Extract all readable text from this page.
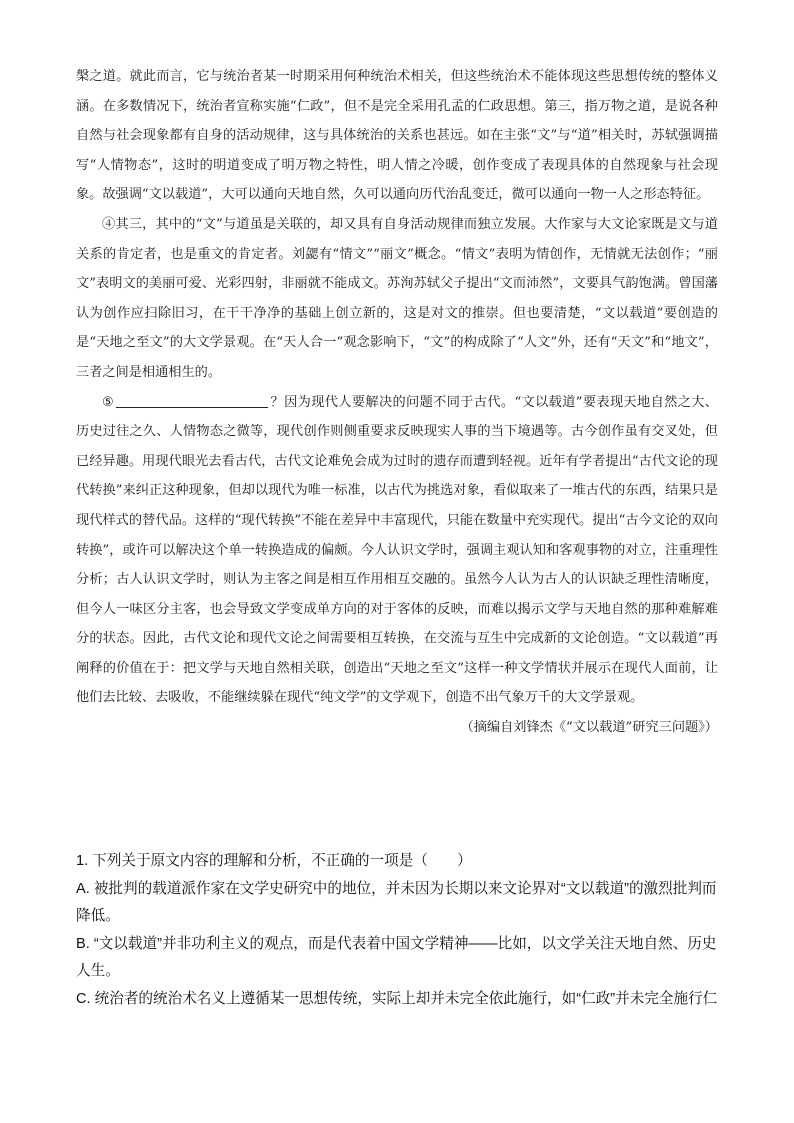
槃之道。就此而言，它与统治者某一时期采用何种统治术相关，但这些统治术不能体现这些思想传统的整体义涵。在多数情况下，统治者宣称实施“仁政”，但不是完全采用孔孟的仁政思想。第三，指万物之道，是说各种自然与社会现象都有自身的活动规律，这与具体统治的关系也甚远。如在主张“文”与“道”相关时，苏轼强调描写“人情物态”，这时的明道变成了明万物之特性，明人情之冷暖，创作变成了表现具体的自然现象与社会现象。故强调“文以载道”，大可以通向天地自然，久可以通向历代治乱变迁，微可以通向一物一人之形态特征。

④其三，其中的“文”与道虽是关联的，却又具有自身活动规律而独立发展。大作家与大文论家既是文与道关系的肯定者，也是重文的肯定者。刘勰有“情文”“丽文”概念。“情文”表明为情创作，无情就无法创作；“丽文”表明文的美丽可爱、光彩四射，非丽就不能成文。苏洵苏轼父子提出“文而沛然”，文要具气韵饱满。曾国藩认为创作应扫除旧习，在干干净净的基础上创立新的，这是对文的推崇。但也要清楚，“文以载道”要创造的是“天地之至文”的大文学景观。在“天人合一”观念影响下，“文”的构成除了“人文”外，还有“天文”和“地文”，三者之间是相通相生的。

⑤	？因为现代人要解决的问题不同于古代。“文以载道”要表现天地自然之大、历史过往之久、人情物态之微等，现代创作则侧重要求反映现实人事的当下境遇等。古今创作虽有交叉处，但已经异趣。用现代眼光去看古代，古代文论难免会成为过时的遗存而遭到轻视。近年有学者提出“古代文论的现代转换”来纠正这种现象，但却以现代为唯一标准，以古代为挑选对象，看似取来了一堆古代的东西，结果只是现代样式的替代品。这样的“现代转换”不能在差异中丰富现代，只能在数量中充实现代。提出“古今文论的双向转换”，或许可以解决这个单一转换造成的偏颇。今人认识文学时，强调主观认知和客观事物的对立，注重理性分析；古人认识文学时，则认为主客之间是相互作用相互交融的。虽然今人认为古人的认识缺乏理性清晰度，但今人一味区分主客，也会导致文学变成单方向的对于客体的反映，而难以揭示文学与天地自然的那种难解难分的状态。因此，古代文论和现代文论之间需要相互转换，在交流与互生中完成新的文论创造。“文以载道”再阐释的价值在于：把文学与天地自然相关联，创造出“天地之至文”这样一种文学情状并展示在现代人面前，让他们去比较、去吸收，不能继续躲在现代“纯文学”的文学观下，创造不出气象万千的大文学景观。

（摘编自刘锋杰《“文以载道”研究三问题》）

1. 下列关于原文内容的理解和分析，不正确的一项是（　　）

A. 被批判的载道派作家在文学史研究中的地位，并未因为长期以来文论界对“文以载道”的激烈批判而降低。

B. “文以载道”并非功利主义的观点，而是代表着中国文学精神——比如，以文学关注天地自然、历史人生。

C. 统治者的统治术名义上遵循某一思想传统，实际上却并未完全依此施行，如“仁政”并未完全施行仁
